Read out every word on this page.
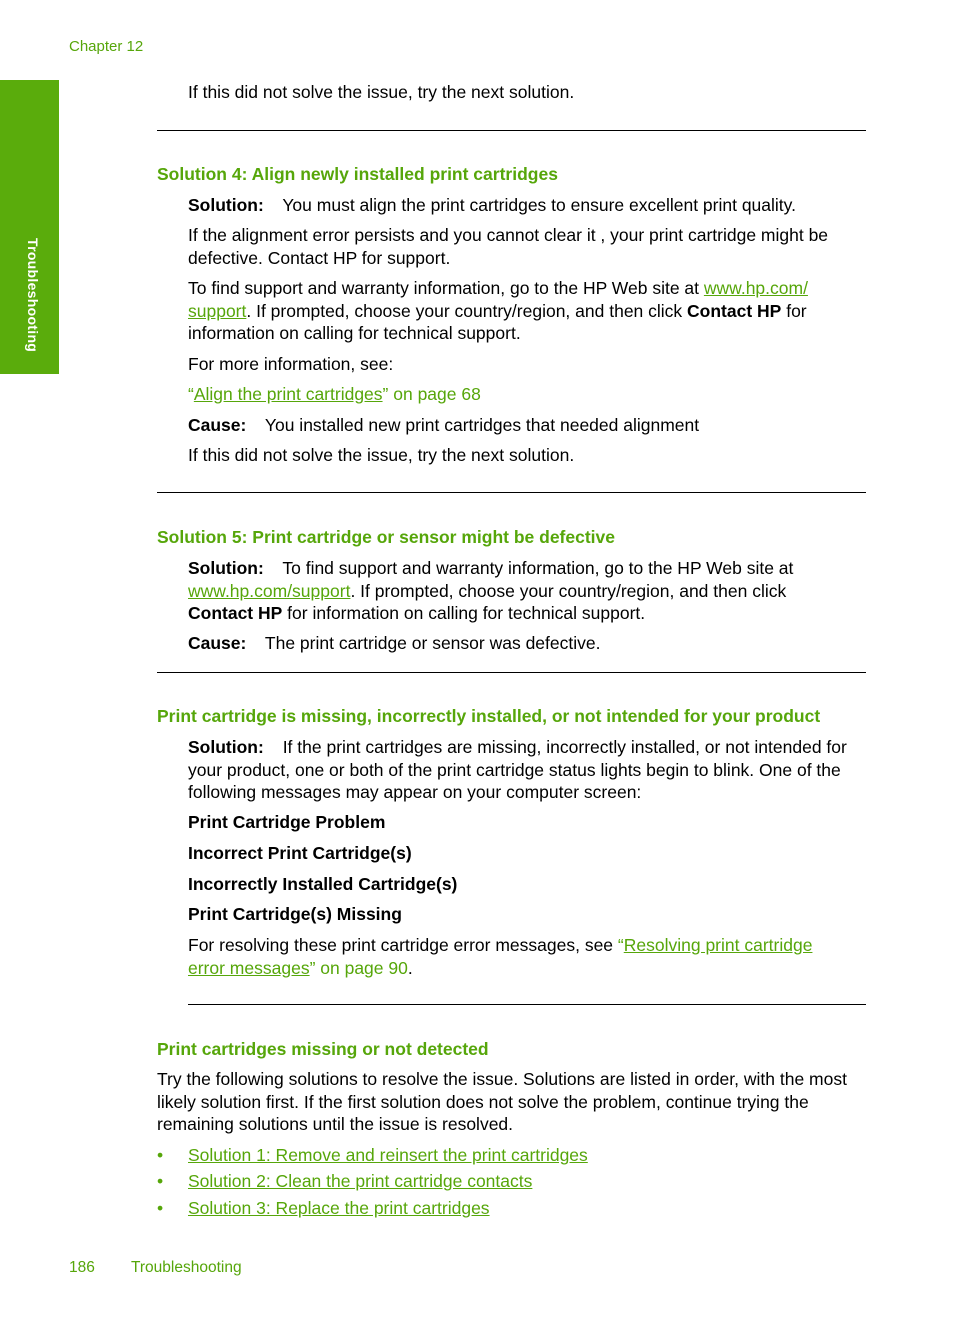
Chapter 12
Troubleshooting
If this did not solve the issue, try the next solution.
Solution 4: Align newly installed print cartridges
Solution: You must align the print cartridges to ensure excellent print quality.
If the alignment error persists and you cannot clear it , your print cartridge might be defective. Contact HP for support.
To find support and warranty information, go to the HP Web site at www.hp.com/
support. If prompted, choose your country/region, and then click Contact HP for information on calling for technical support.
For more information, see:
“Align the print cartridges” on page 68
Cause: You installed new print cartridges that needed alignment
If this did not solve the issue, try the next solution.
Solution 5: Print cartridge or sensor might be defective
Solution: To find support and warranty information, go to the HP Web site at
www.hp.com/support. If prompted, choose your country/region, and then click
Contact HP for information on calling for technical support.
Cause: The print cartridge or sensor was defective.
Print cartridge is missing, incorrectly installed, or not intended for your product
Solution: If the print cartridges are missing, incorrectly installed, or not intended for your product, one or both of the print cartridge status lights begin to blink. One of the following messages may appear on your computer screen:
Print Cartridge Problem
Incorrect Print Cartridge(s)
Incorrectly Installed Cartridge(s)
Print Cartridge(s) Missing
For resolving these print cartridge error messages, see “Resolving print cartridge
error messages” on page 90.
Print cartridges missing or not detected
Try the following solutions to resolve the issue. Solutions are listed in order, with the most likely solution first. If the first solution does not solve the problem, continue trying the remaining solutions until the issue is resolved.
• Solution 1: Remove and reinsert the print cartridges
• Solution 2: Clean the print cartridge contacts
• Solution 3: Replace the print cartridges
186 Troubleshooting
